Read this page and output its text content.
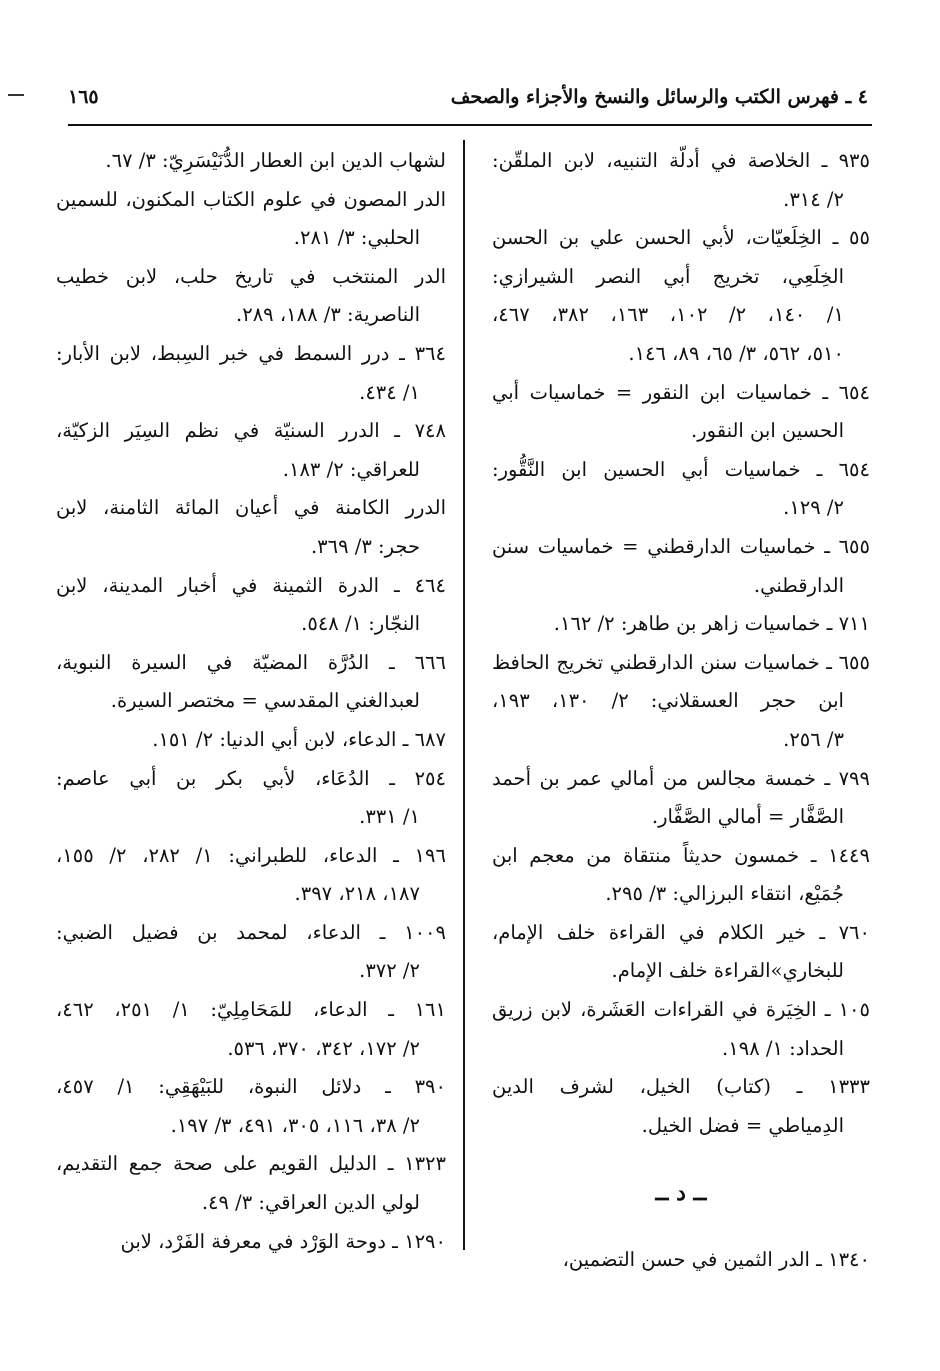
٤ ـ فهرس الكتب والرسائل والنسخ والأجزاء والصحف
١٦٥
٩٣٥ ـ الخلاصة في أدلّة التنبيه، لابن الملقّن:
٢/ ٣١٤.
٥٥ ـ الخِلَعيّات، لأبي الحسن علي بن الحسن
الخِلَعِي، تخريج أبي النصر الشيرازي:
١/ ١٤٠، ٢/ ١٠٢، ١٦٣، ٣٨٢، ٤٦٧،
٥١٠، ٥٦٢، ٣/ ٦٥، ٨٩، ١٤٦.
٦٥٤ ـ خماسيات ابن النقور = خماسيات أبي
الحسين ابن النقور.
٦٥٤ ـ خماسيات أبي الحسين ابن النَّقُّور:
٢/ ١٢٩.
٦٥٥ ـ خماسيات الدارقطني = خماسيات سنن
الدارقطني.
٧١١ ـ خماسيات زاهر بن طاهر: ٢/ ١٦٢.
٦٥٥ ـ خماسيات سنن الدارقطني تخريج الحافظ
ابن حجر العسقلاني: ٢/ ١٣٠، ١٩٣،
٣/ ٢٥٦.
٧٩٩ ـ خمسة مجالس من أمالي عمر بن أحمد
الصَّفَّار = أمالي الصَّفَّار.
١٤٤٩ ـ خمسون حديثاً منتقاة من معجم ابن
جُمَيْع، انتقاء البرزالي: ٣/ ٢٩٥.
٧٦٠ ـ خير الكلام في القراءة خلف الإمام،
للبخاري»القراءة خلف الإمام.
١٠٥ ـ الخِيَرة في القراءات العَشَرة، لابن زريق
الحداد: ١/ ١٩٨.
١٣٣٣ ـ (كتاب) الخيل، لشرف الدين
الدِمياطي = فضل الخيل.
ــ د ــ
١٣٤٠ ـ الدر الثمين في حسن التضمين،
لشهاب الدين ابن العطار الدُّنَيْسَرِيّ: ٣/ ٦٧.
الدر المصون في علوم الكتاب المكنون، للسمين
الحلبي: ٣/ ٢٨١.
الدر المنتخب في تاريخ حلب، لابن خطيب
الناصرية: ٣/ ١٨٨، ٢٨٩.
٣٦٤ ـ درر السمط في خبر السِبط، لابن الأبار:
١/ ٤٣٤.
٧٤٨ ـ الدرر السنيّة في نظم السِيَر الزكيّة،
للعراقي: ٢/ ١٨٣.
الدرر الكامنة في أعيان المائة الثامنة، لابن
حجر: ٣/ ٣٦٩.
٤٦٤ ـ الدرة الثمينة في أخبار المدينة، لابن
النجّار: ١/ ٥٤٨.
٦٦٦ ـ الدُرَّة المضيّة في السيرة النبوية،
لعبدالغني المقدسي = مختصر السيرة.
٦٨٧ ـ الدعاء، لابن أبي الدنيا: ٢/ ١٥١.
٢٥٤ ـ الدُعَاء، لأبي بكر بن أبي عاصم:
١/ ٣٣١.
١٩٦ ـ الدعاء، للطبراني: ١/ ٢٨٢، ٢/ ١٥٥،
١٨٧، ٢١٨، ٣٩٧.
١٠٠٩ ـ الدعاء، لمحمد بن فضيل الضبي:
٢/ ٣٧٢.
١٦١ ـ الدعاء، للمَحَامِلِيّ: ١/ ٢٥١، ٤٦٢،
٢/ ١٧٢، ٣٤٢، ٣٧٠، ٥٣٦.
٣٩٠ ـ دلائل النبوة، للبَيْهَقِي: ١/ ٤٥٧،
٢/ ٣٨، ١١٦، ٣٠٥، ٤٩١، ٣/ ١٩٧.
١٣٢٣ ـ الدليل القويم على صحة جمع التقديم،
لولي الدين العراقي: ٣/ ٤٩.
١٢٩٠ ـ دوحة الوَرْد في معرفة الفَرْد، لابن
